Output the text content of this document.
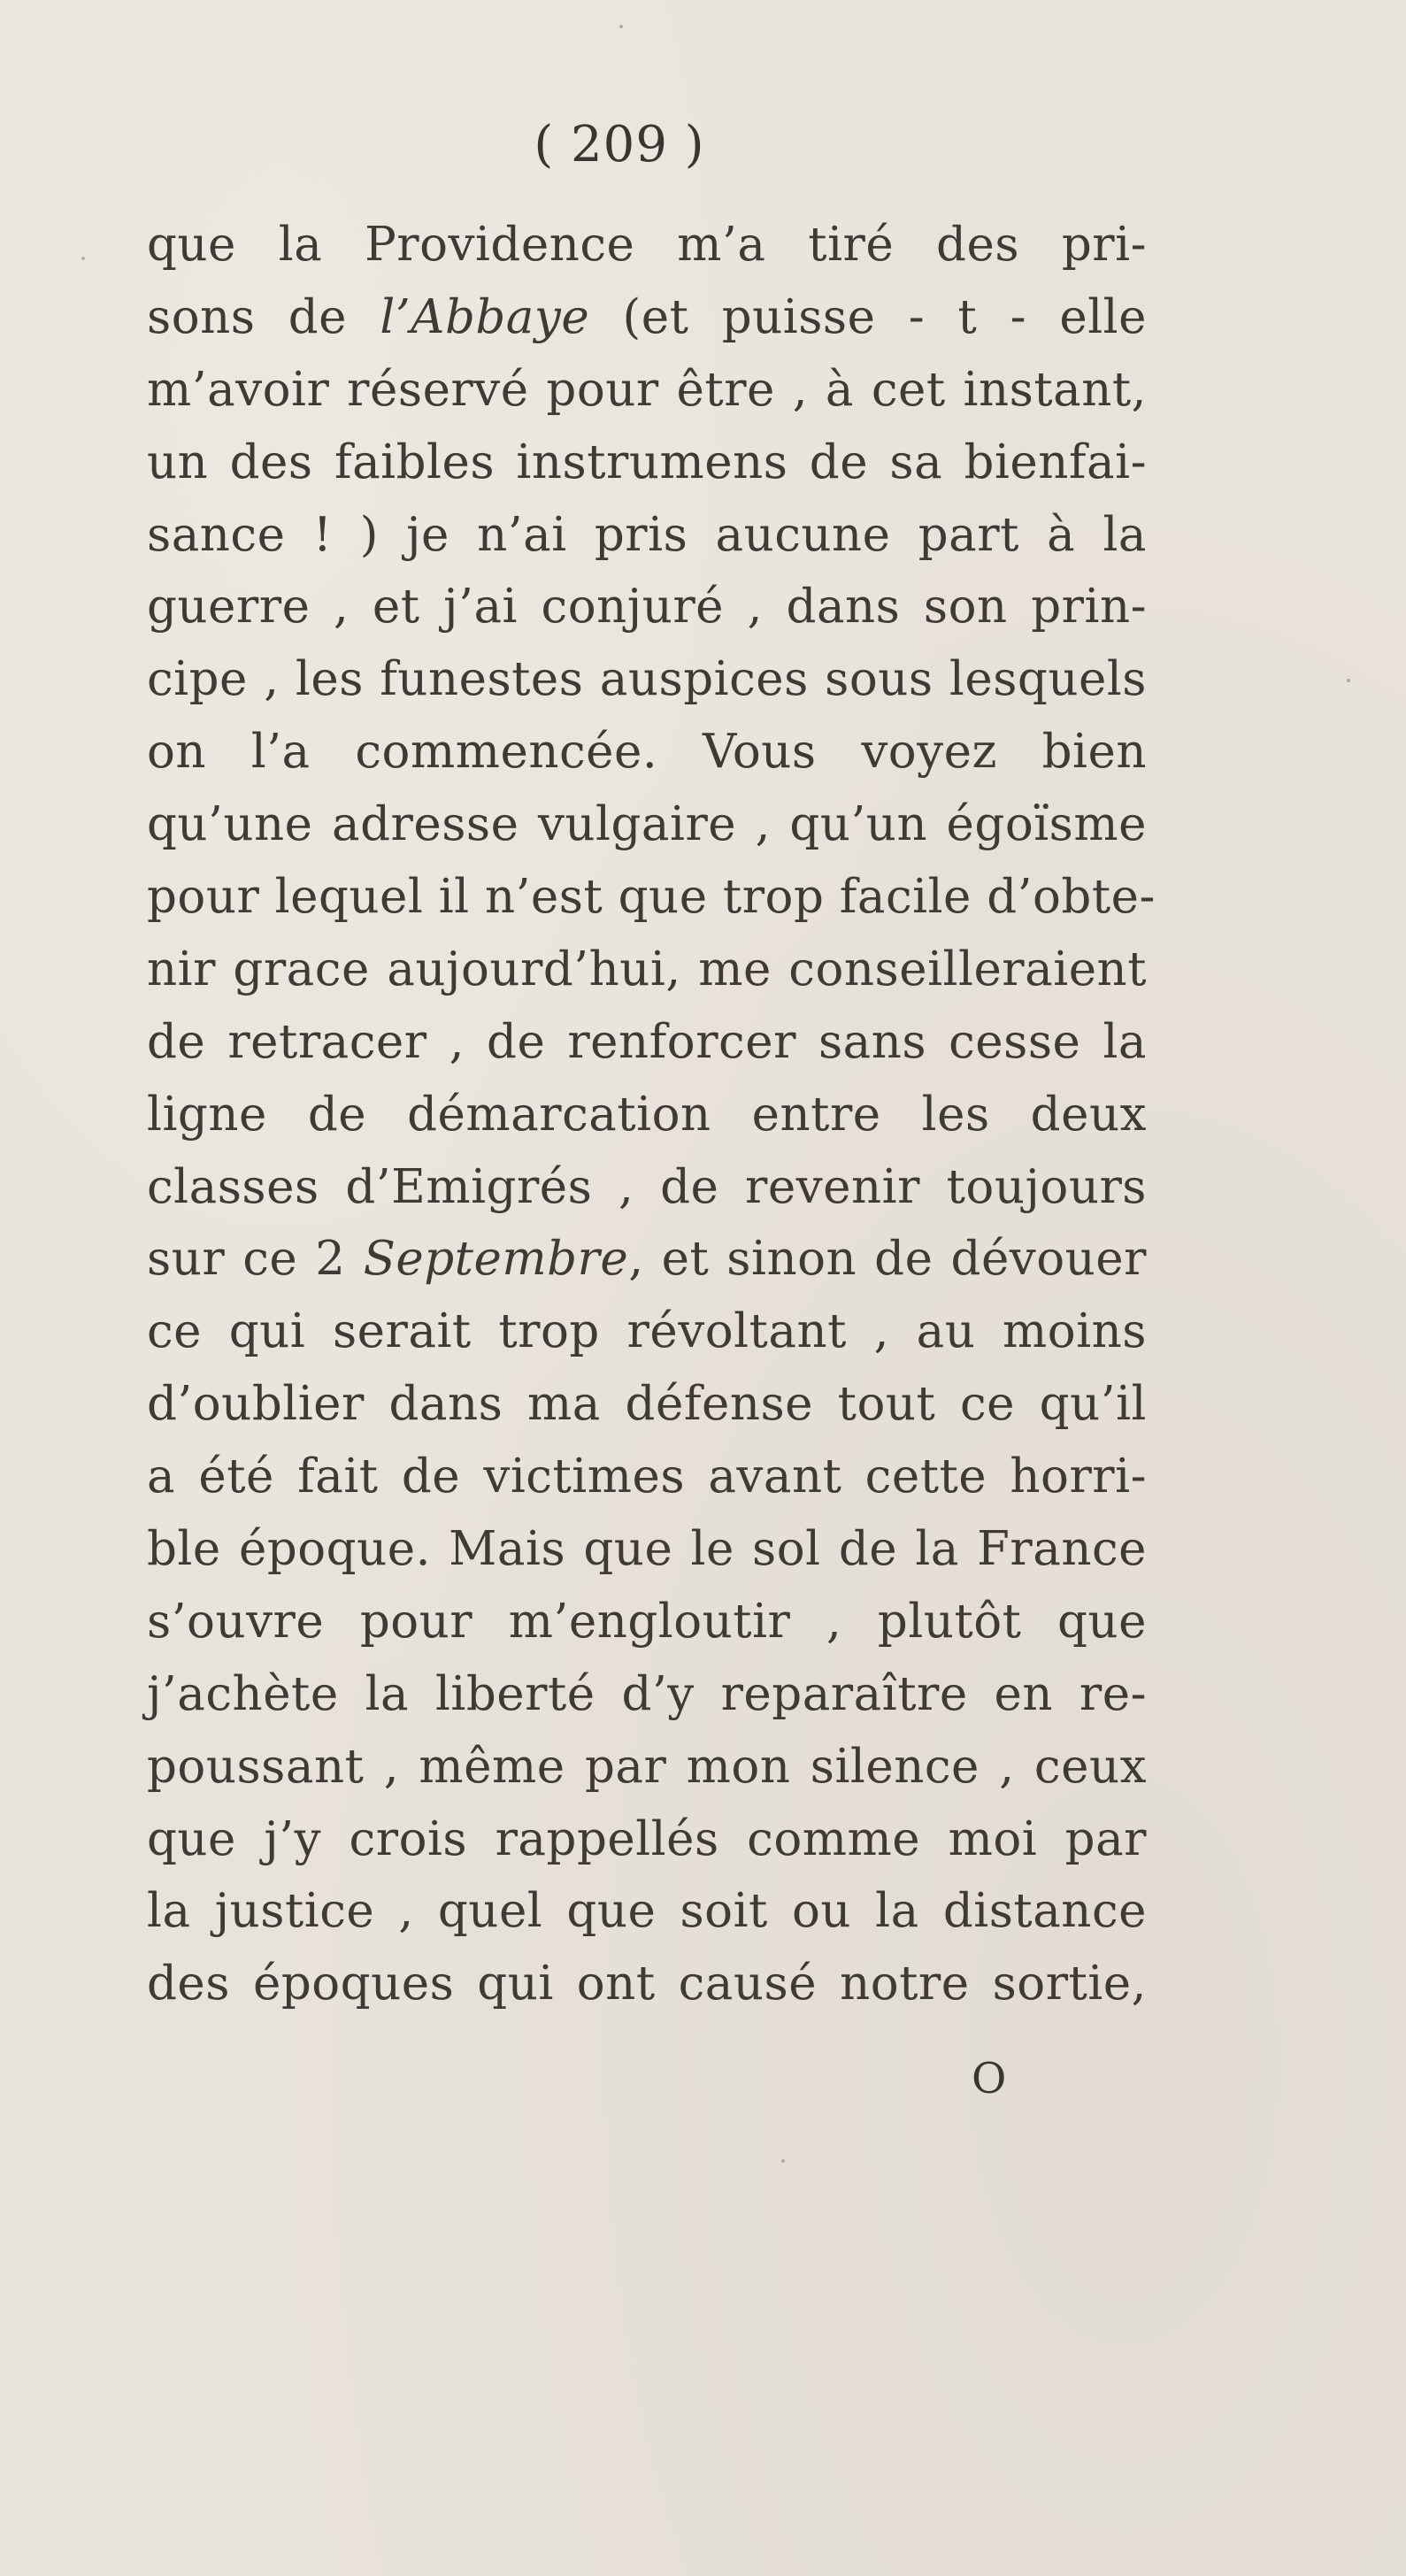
( 209 )
que la Providence m’a tiré des pri-
sons de l’Abbaye (et puisse - t - elle
m’avoir réservé pour être , à cet instant,
un des faibles instrumens de sa bienfai-
sance ! ) je n’ai pris aucune part à la
guerre , et j’ai conjuré , dans son prin-
cipe , les funestes auspices sous lesquels
on l’a commencée. Vous voyez bien
qu’une adresse vulgaire , qu’un égoïsme
pour lequel il n’est que trop facile d’obte-
nir grace aujourd’hui, me conseilleraient
de retracer , de renforcer sans cesse la
ligne de démarcation entre les deux
classes d’Emigrés , de revenir toujours
sur ce 2 Septembre, et sinon de dévouer
ce qui serait trop révoltant , au moins
d’oublier dans ma défense tout ce qu’il
a été fait de victimes avant cette horri-
ble époque. Mais que le sol de la France
s’ouvre pour m’engloutir , plutôt que
j’achète la liberté d’y reparaître en re-
poussant , même par mon silence , ceux
que j’y crois rappellés comme moi par
la justice , quel que soit ou la distance
des époques qui ont causé notre sortie,
O
